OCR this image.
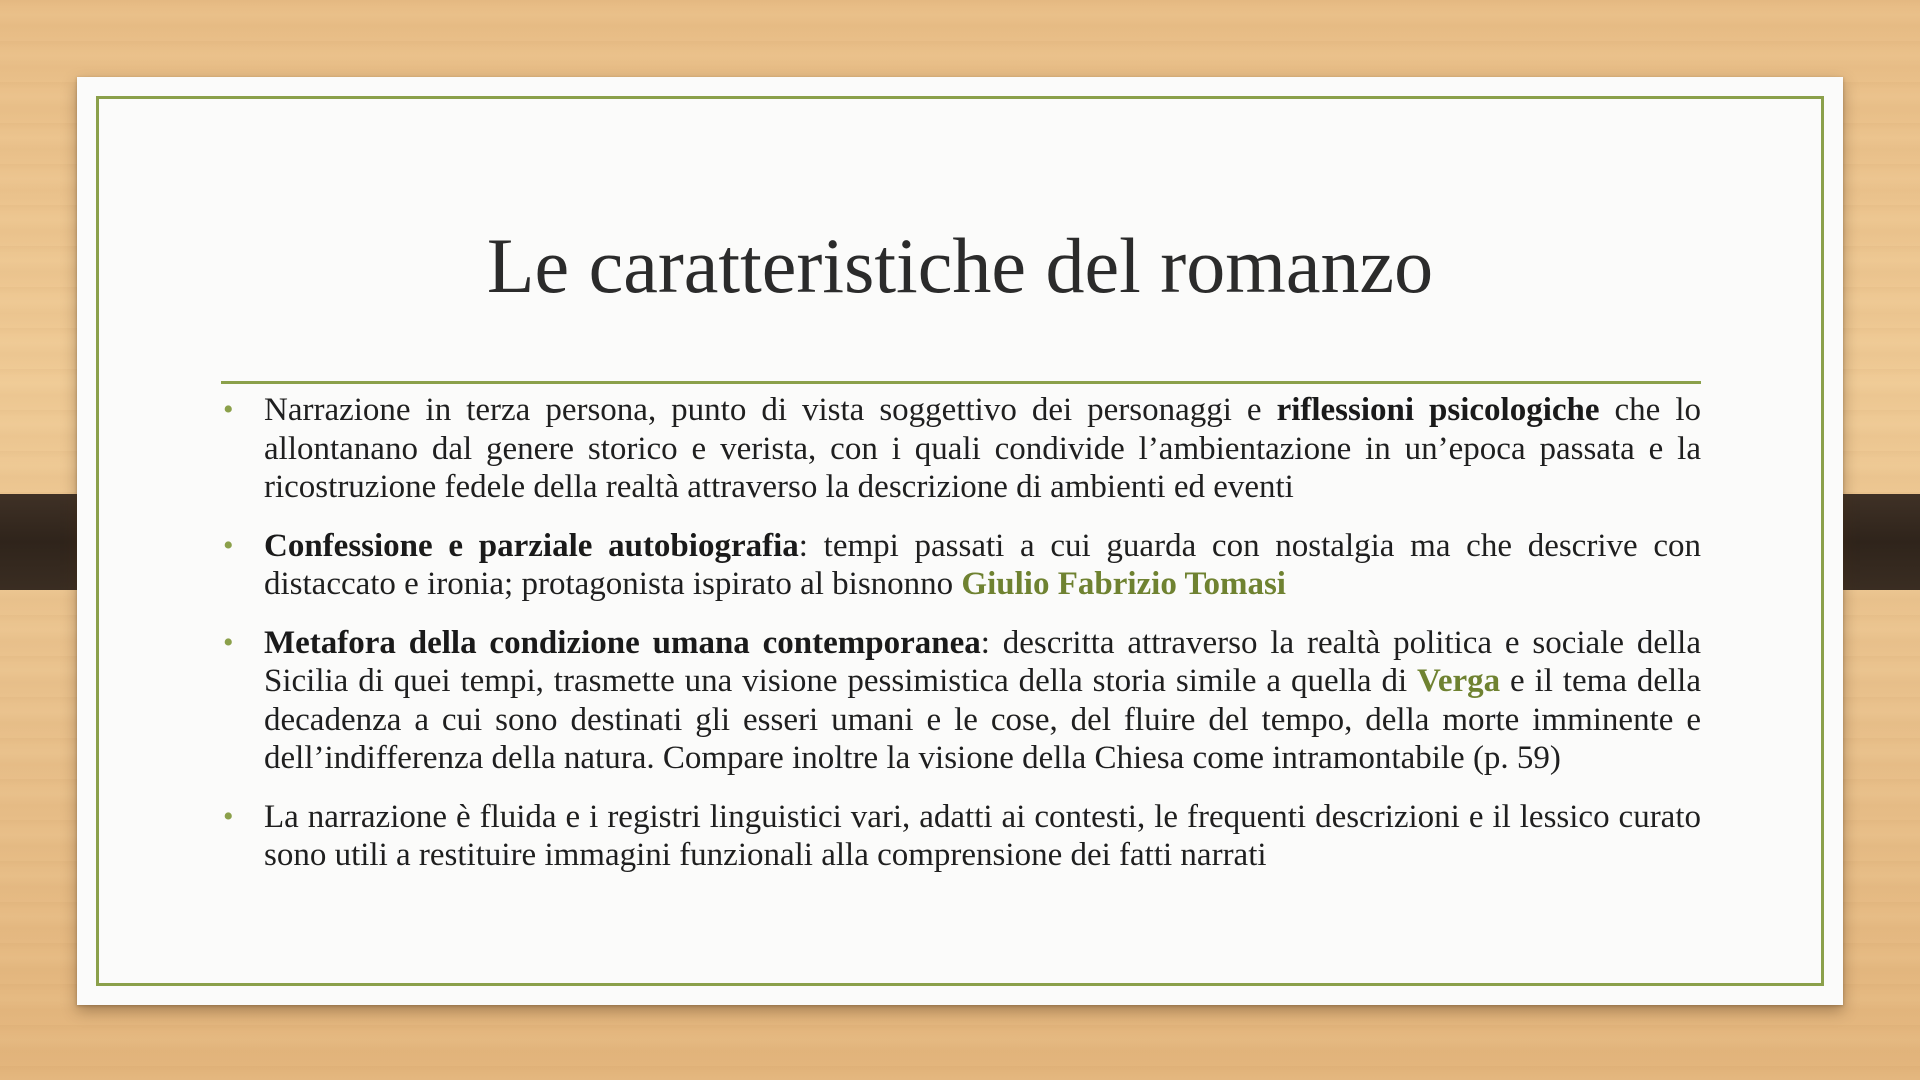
Le caratteristiche del romanzo
• Narrazione in terza persona, punto di vista soggettivo dei personaggi e riflessioni psicologiche che lo allontanano dal genere storico e verista, con i quali condivide l’ambientazione in un’epoca passata e la ricostruzione fedele della realtà attraverso la descrizione di ambienti ed eventi
• Confessione e parziale autobiografia: tempi passati a cui guarda con nostalgia ma che descrive con distaccato e ironia; protagonista ispirato al bisnonno Giulio Fabrizio Tomasi
• Metafora della condizione umana contemporanea: descritta attraverso la realtà politica e sociale della Sicilia di quei tempi, trasmette una visione pessimistica della storia simile a quella di Verga e il tema della decadenza a cui sono destinati gli esseri umani e le cose, del fluire del tempo, della morte imminente e dell’indifferenza della natura. Compare inoltre la visione della Chiesa come intramontabile (p. 59)
• La narrazione è fluida e i registri linguistici vari, adatti ai contesti, le frequenti descrizioni e il lessico curato sono utili a restituire immagini funzionali alla comprensione dei fatti narrati
